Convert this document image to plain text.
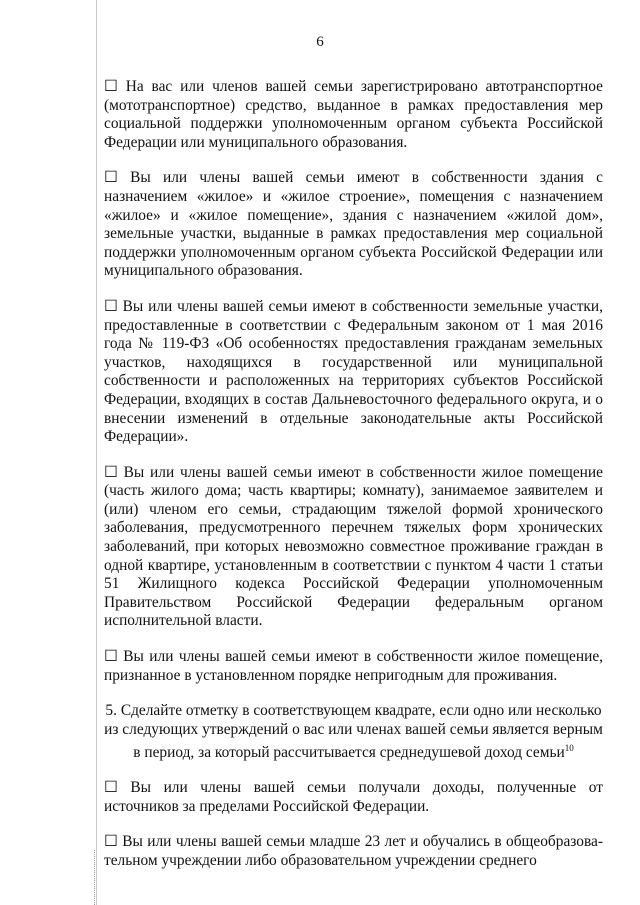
6

☐ На вас или членов вашей семьи зарегистрировано автотранспортное (мототранспортное) средство, выданное в рамках предоставления мер социальной поддержки уполномоченным органом субъекта Российской Федерации или муниципального образования.

☐ Вы или члены вашей семьи имеют в собственности здания с назначением «жилое» и «жилое строение», помещения с назначением «жилое» и «жилое помещение», здания с назначением «жилой дом», земельные участки, выданные в рамках предоставления мер социальной поддержки уполномоченным органом субъекта Российской Федерации или муниципального образования.

☐ Вы или члены вашей семьи имеют в собственности земельные участки, предоставленные в соответствии с Федеральным законом от 1 мая 2016 года № 119-ФЗ «Об особенностях предоставления гражданам земельных участков, находящихся в государственной или муниципальной собственности и расположенных на территориях субъектов Российской Федерации, входящих в состав Дальневосточного федерального округа, и о внесении изменений в отдельные законодательные акты Российской Федерации».

☐ Вы или члены вашей семьи имеют в собственности жилое помещение (часть жилого дома; часть квартиры; комнату), занимаемое заявителем и (или) членом его семьи, страдающим тяжелой формой хронического заболевания, предусмотренного перечнем тяжелых форм хронических заболеваний, при которых невозможно совместное проживание граждан в одной квартире, установленным в соответствии с пунктом 4 части 1 статьи 51 Жилищного кодекса Российской Федерации уполномоченным Правительством Российской Федерации федеральным органом исполнительной власти.

☐ Вы или члены вашей семьи имеют в собственности жилое помещение, признанное в установленном порядке непригодным для проживания.

5. Сделайте отметку в соответствующем квадрате, если одно или несколько из следующих утверждений о вас или членах вашей семьи является верным в период, за который рассчитывается среднедушевой доход семьи$^{10}$

☐ Вы или члены вашей семьи получали доходы, полученные от источников за пределами Российской Федерации.

☐ Вы или члены вашей семьи младше 23 лет и обучались в общеобразова-тельном учреждении либо образовательном учреждении среднего
